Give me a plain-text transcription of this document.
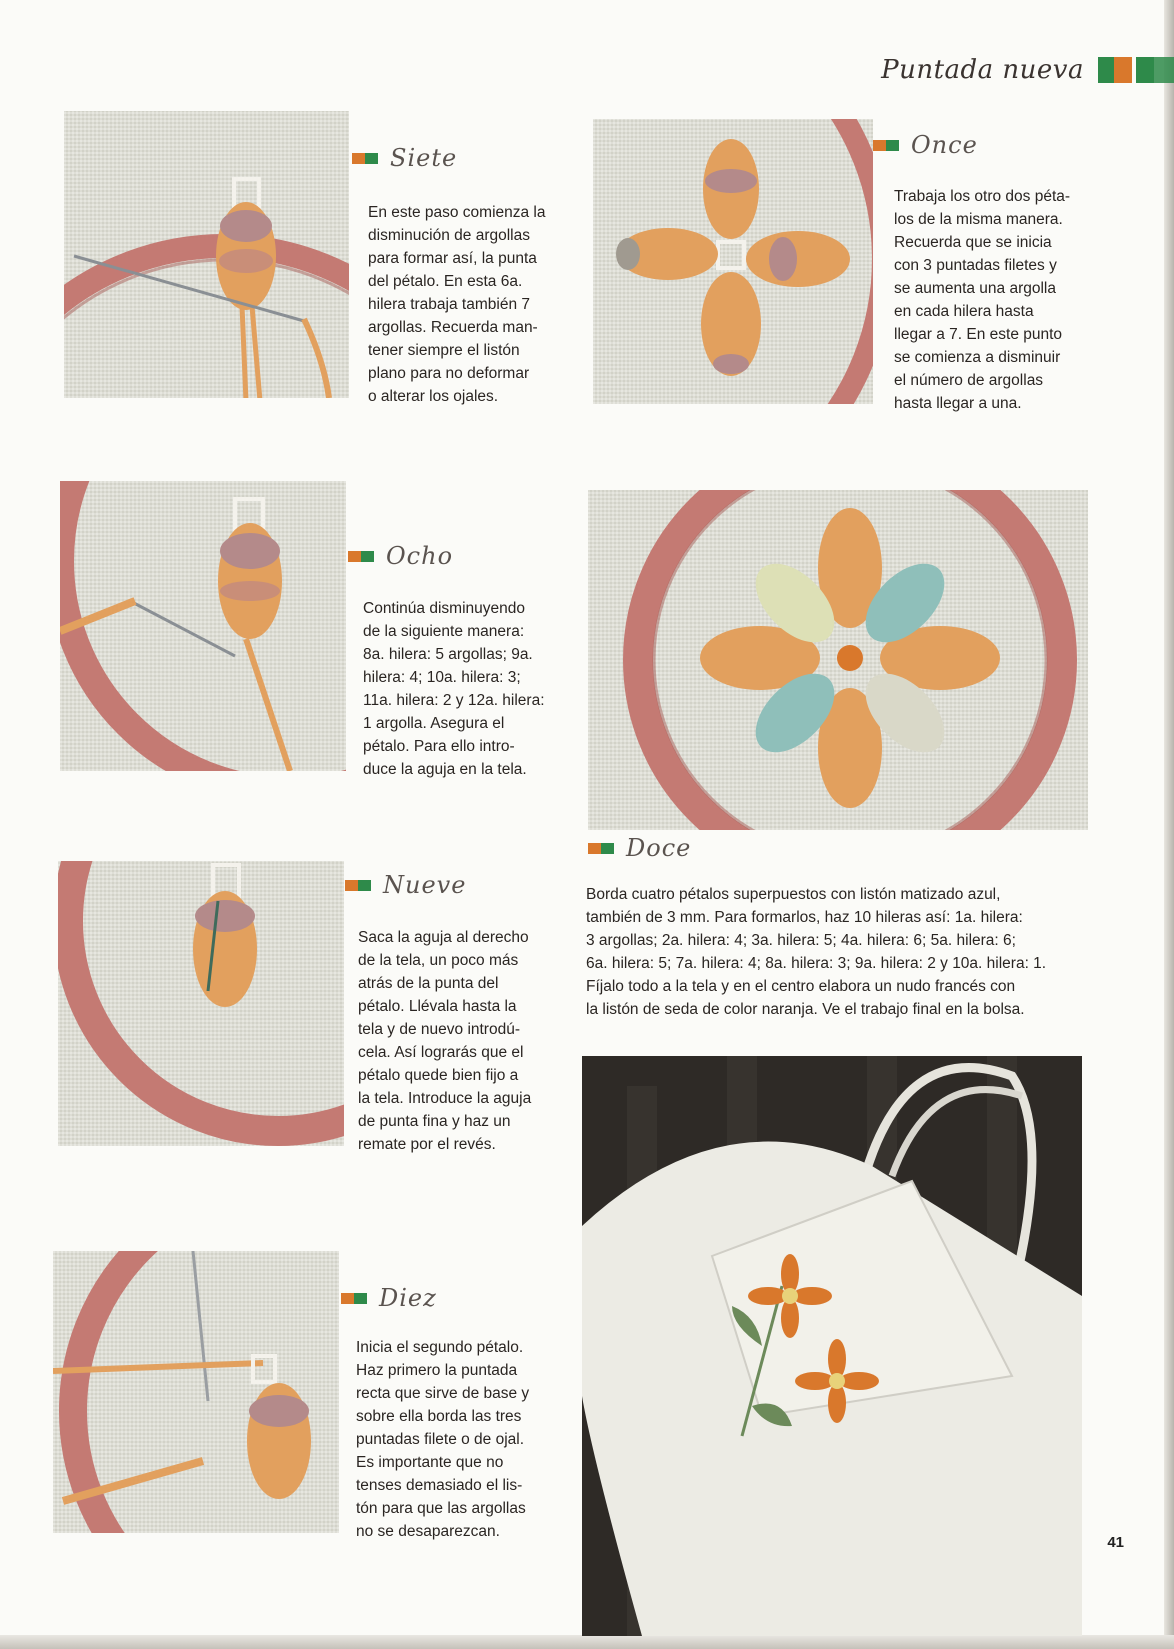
Puntada nueva
Siete

En este paso comienza la
disminución de argollas
para formar así, la punta
del pétalo. En esta 6a.
hilera trabaja también 7
argollas. Recuerda man-
tener siempre el listón
plano para no deformar
o alterar los ojales.

Once

Trabaja los otro dos péta-
los de la misma manera.
Recuerda que se inicia
con 3 puntadas filetes y
se aumenta una argolla
en cada hilera hasta
llegar a 7. En este punto
se comienza a disminuir
el número de argollas
hasta llegar a una.

Ocho

Continúa disminuyendo
de la siguiente manera:
8a. hilera: 5 argollas; 9a.
hilera: 4; 10a. hilera: 3;
11a. hilera: 2 y 12a. hilera:
1 argolla. Asegura el
pétalo. Para ello intro-
duce la aguja en la tela.

Doce

Borda cuatro pétalos superpuestos con listón matizado azul,
también de 3 mm. Para formarlos, haz 10 hileras así: 1a. hilera:
3 argollas; 2a. hilera: 4; 3a. hilera: 5; 4a. hilera: 6; 5a. hilera: 6;
6a. hilera: 5; 7a. hilera: 4; 8a. hilera: 3; 9a. hilera: 2 y 10a. hilera: 1.
Fíjalo todo a la tela y en el centro elabora un nudo francés con
la listón de seda de color naranja. Ve el trabajo final en la bolsa.

Nueve

Saca la aguja al derecho
de la tela, un poco más
atrás de la punta del
pétalo. Llévala hasta la
tela y de nuevo introdú-
cela. Así lograrás que el
pétalo quede bien fijo a
la tela. Introduce la aguja
de punta fina y haz un
remate por el revés.

Diez

Inicia el segundo pétalo.
Haz primero la puntada
recta que sirve de base y
sobre ella borda las tres
puntadas filete o de ojal.
Es importante que no
tenses demasiado el lis-
tón para que las argollas
no se desaparezcan.

41
